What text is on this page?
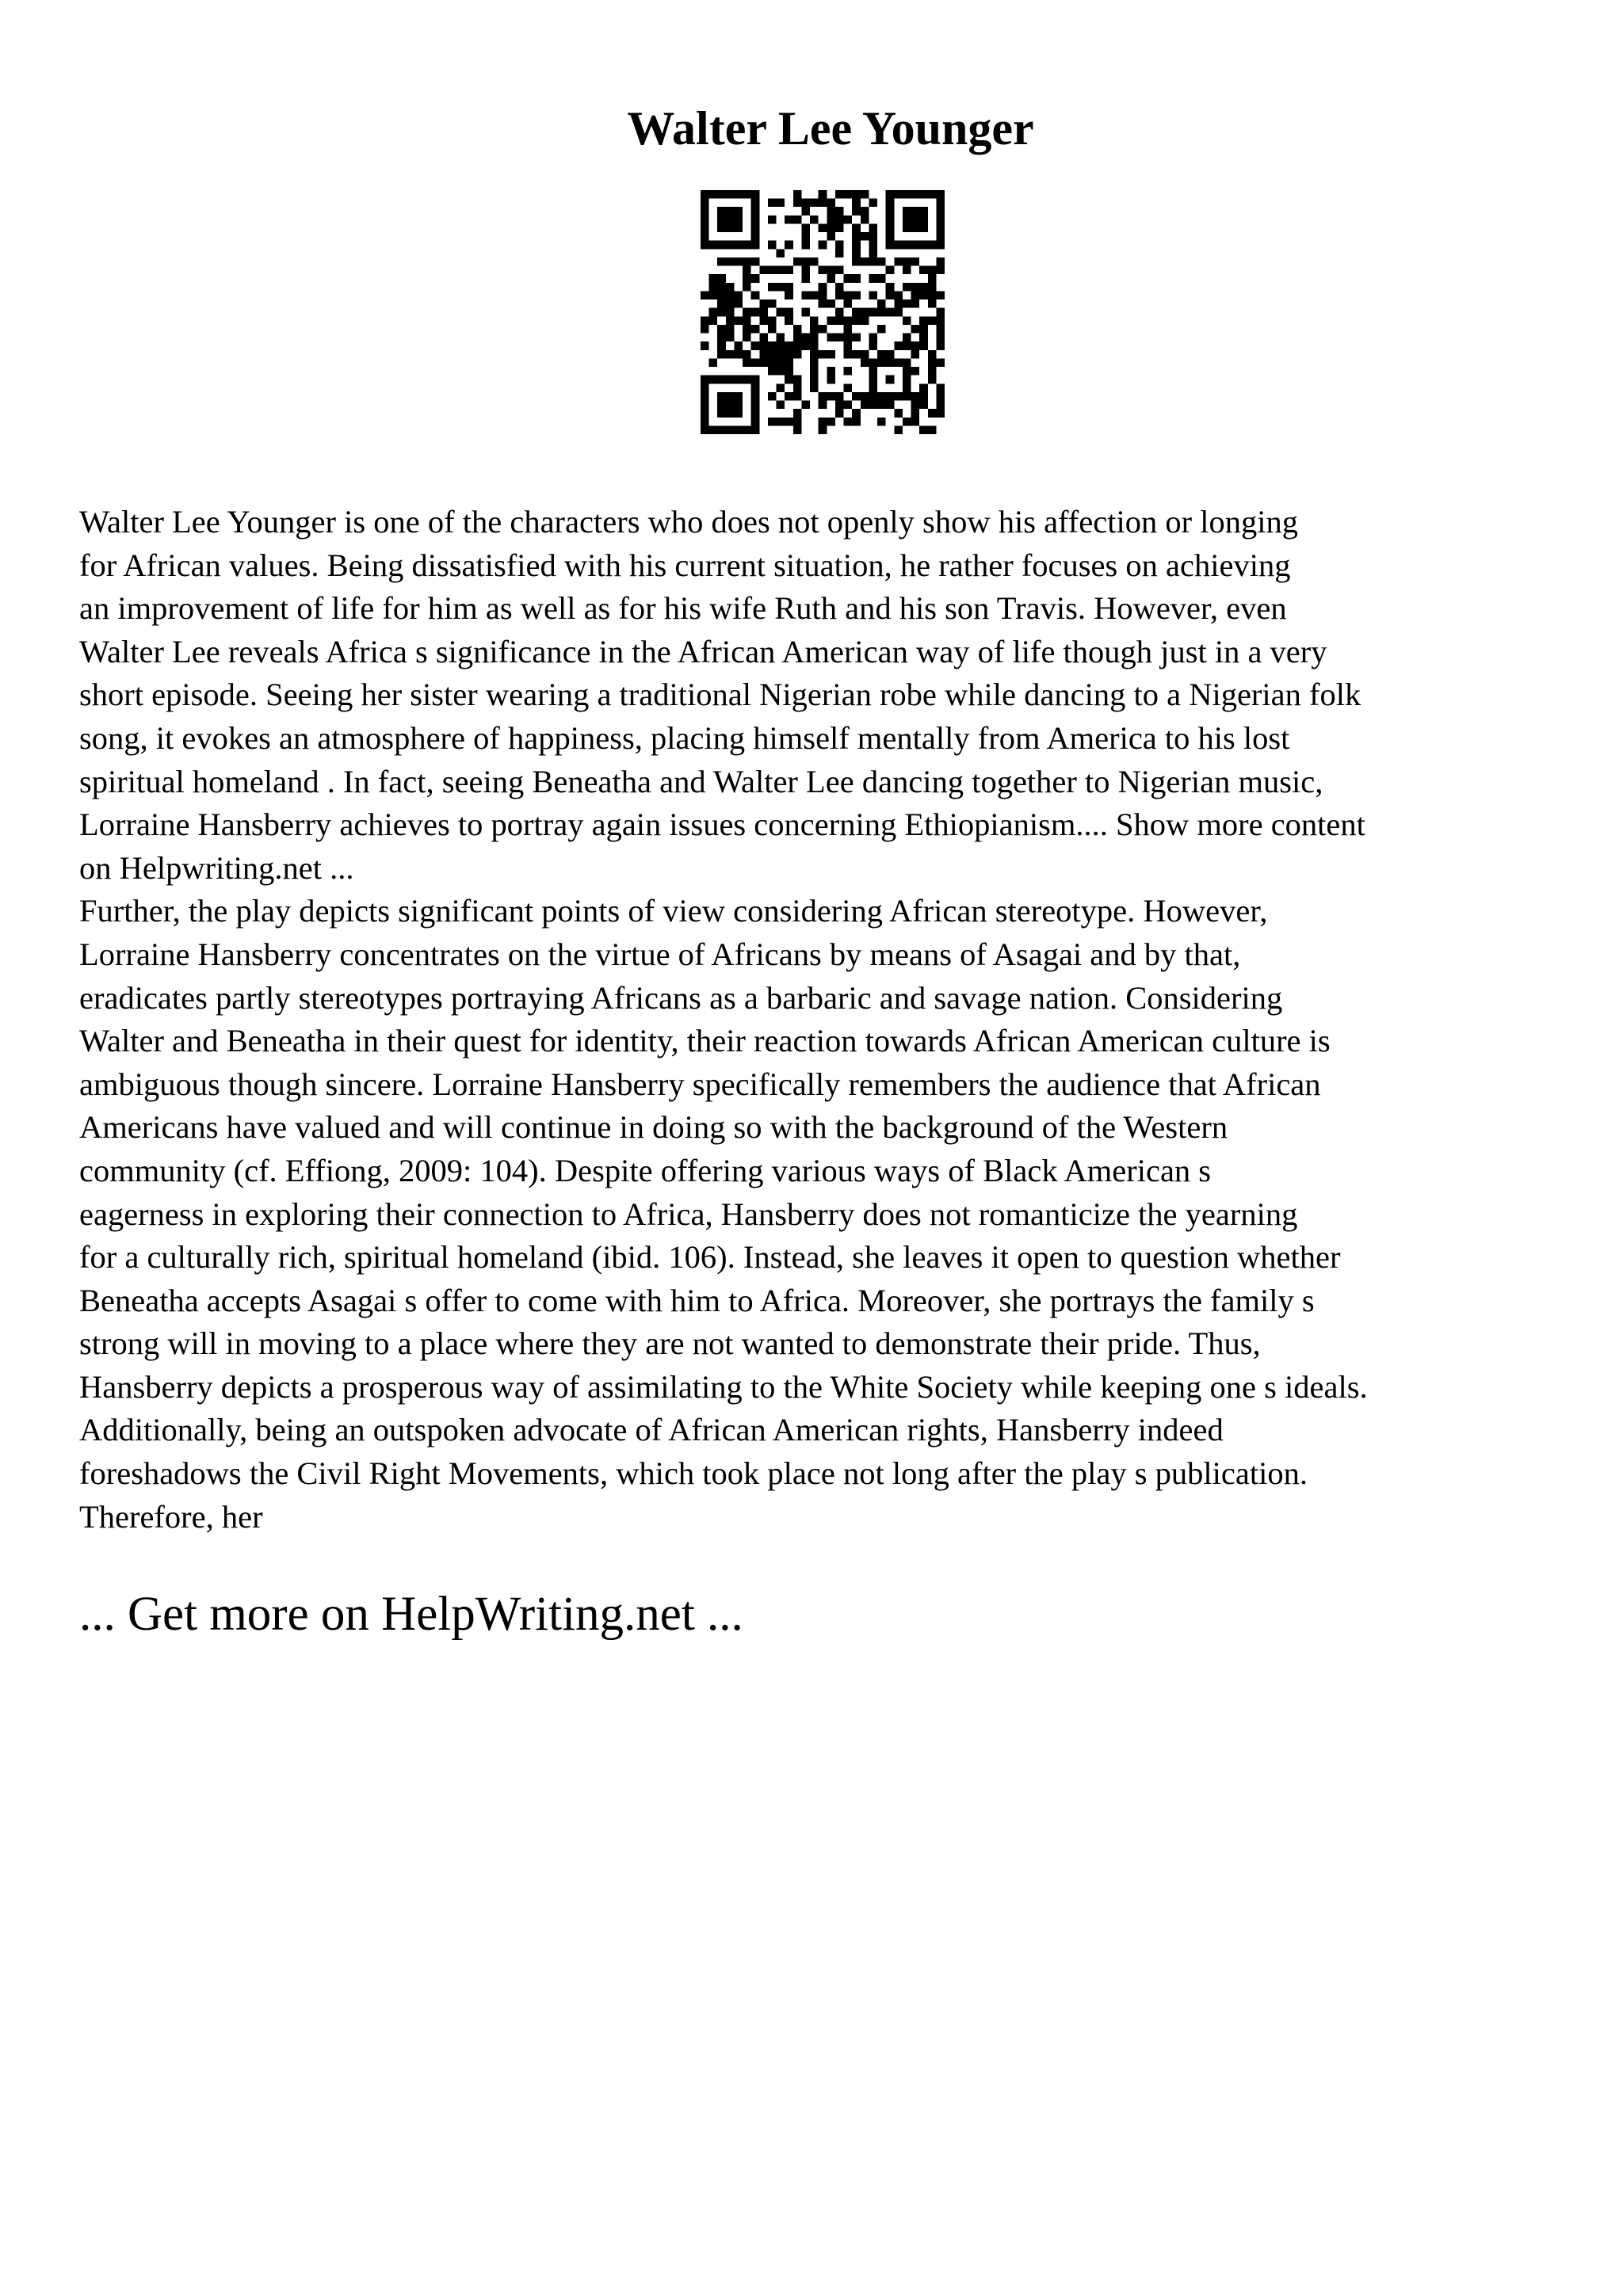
Walter Lee Younger
Walter Lee Younger is one of the characters who does not openly show his affection or longing
for African values. Being dissatisfied with his current situation, he rather focuses on achieving
an improvement of life for him as well as for his wife Ruth and his son Travis. However, even
Walter Lee reveals Africa s significance in the African American way of life though just in a very
short episode. Seeing her sister wearing a traditional Nigerian robe while dancing to a Nigerian folk
song, it evokes an atmosphere of happiness, placing himself mentally from America to his lost
spiritual homeland . In fact, seeing Beneatha and Walter Lee dancing together to Nigerian music,
Lorraine Hansberry achieves to portray again issues concerning Ethiopianism.... Show more content
on Helpwriting.net ...
Further, the play depicts significant points of view considering African stereotype. However,
Lorraine Hansberry concentrates on the virtue of Africans by means of Asagai and by that,
eradicates partly stereotypes portraying Africans as a barbaric and savage nation. Considering
Walter and Beneatha in their quest for identity, their reaction towards African American culture is
ambiguous though sincere. Lorraine Hansberry specifically remembers the audience that African
Americans have valued and will continue in doing so with the background of the Western
community (cf. Effiong, 2009: 104). Despite offering various ways of Black American s
eagerness in exploring their connection to Africa, Hansberry does not romanticize the yearning
for a culturally rich, spiritual homeland (ibid. 106). Instead, she leaves it open to question whether
Beneatha accepts Asagai s offer to come with him to Africa. Moreover, she portrays the family s
strong will in moving to a place where they are not wanted to demonstrate their pride. Thus,
Hansberry depicts a prosperous way of assimilating to the White Society while keeping one s ideals.
Additionally, being an outspoken advocate of African American rights, Hansberry indeed
foreshadows the Civil Right Movements, which took place not long after the play s publication.
Therefore, her
... Get more on HelpWriting.net ...
